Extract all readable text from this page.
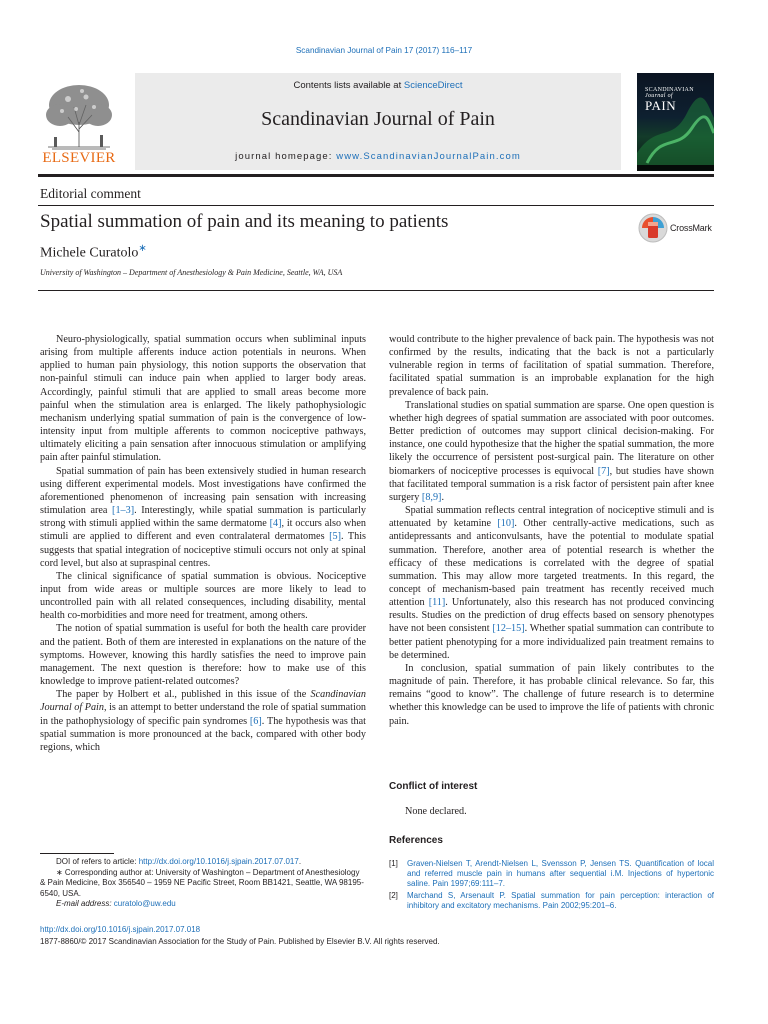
Scandinavian Journal of Pain 17 (2017) 116–117
ELSEVIER
Contents lists available at ScienceDirect
Scandinavian Journal of Pain
journal homepage: www.ScandinavianJournalPain.com
SCANDINAVIAN
Journal of
PAIN
Editorial comment
Spatial summation of pain and its meaning to patients
Michele Curatolo∗
University of Washington – Department of Anesthesiology & Pain Medicine, Seattle, WA, USA
CrossMark

Neuro-physiologically, spatial summation occurs when subliminal inputs arising from multiple afferents induce action potentials in neurons. When applied to human pain physiology, this notion supports the observation that non-painful stimuli can induce pain when applied to larger body areas. Accordingly, painful stimuli that are applied to small areas become more painful when the stimulation area is enlarged. The likely pathophysiologic mechanism underlying spatial summation of pain is the convergence of low-intensity input from multiple afferents to common nociceptive pathways, ultimately eliciting a pain sensation after innocuous stimulation or amplifying pain after painful stimulation.

Spatial summation of pain has been extensively studied in human research using different experimental models. Most investigations have confirmed the aforementioned phenomenon of increasing pain sensation with increasing stimulation area [1–3]. Interestingly, while spatial summation is particularly strong with stimuli applied within the same dermatome [4], it occurs also when stimuli are applied to different and even contralateral dermatomes [5]. This suggests that spatial integration of nociceptive stimuli occurs not only at spinal cord level, but also at supraspinal centres.

The clinical significance of spatial summation is obvious. Nociceptive input from wide areas or multiple sources are more likely to lead to uncontrolled pain with all related consequences, including disability, mental health co-morbidities and more need for treatment, among others.

The notion of spatial summation is useful for both the health care provider and the patient. Both of them are interested in explanations on the nature of the symptoms. However, knowing this hardly satisfies the need to improve pain management. The next question is therefore: how to make use of this knowledge to improve patient-related outcomes?

The paper by Holbert et al., published in this issue of the Scandinavian Journal of Pain, is an attempt to better understand the role of spatial summation in the pathophysiology of specific pain syndromes [6]. The hypothesis was that spatial summation is more pronounced at the back, compared with other body regions, which

would contribute to the higher prevalence of back pain. The hypothesis was not confirmed by the results, indicating that the back is not a particularly vulnerable region in terms of facilitation of spatial summation. Therefore, facilitated spatial summation is an improbable explanation for the high prevalence of back pain.

Translational studies on spatial summation are sparse. One open question is whether high degrees of spatial summation are associated with poor outcomes. Better prediction of outcomes may support clinical decision-making. For instance, one could hypothesize that the higher the spatial summation, the more likely the occurrence of persistent post-surgical pain. The literature on other biomarkers of nociceptive processes is equivocal [7], but studies have shown that facilitated temporal summation is a risk factor of persistent pain after knee surgery [8,9].

Spatial summation reflects central integration of nociceptive stimuli and is attenuated by ketamine [10]. Other centrally-active medications, such as antidepressants and anticonvulsants, have the potential to modulate spatial summation. Therefore, another area of potential research is whether the efficacy of these medications is correlated with the degree of spatial summation. This may allow more targeted treatments. In this regard, the concept of mechanism-based pain treatment has recently received much attention [11]. Unfortunately, also this research has not produced convincing results. Studies on the prediction of drug effects based on sensory phenotypes have not been consistent [12–15]. Whether spatial summation can contribute to better patient phenotyping for a more individualized pain treatment remains to be determined.

In conclusion, spatial summation of pain likely contributes to the magnitude of pain. Therefore, it has probable clinical relevance. So far, this remains “good to know”. The challenge of future research is to determine whether this knowledge can be used to improve the life of patients with chronic pain.

Conflict of interest
None declared.
References
[1]	Graven-Nielsen T, Arendt-Nielsen L, Svensson P, Jensen TS. Quantification of local and referred muscle pain in humans after sequential i.M. Injections of hypertonic saline. Pain 1997;69:111–7.
[2]	Marchand S, Arsenault P. Spatial summation for pain perception: interaction of inhibitory and excitatory mechanisms. Pain 2002;95:201–6.
DOI of refers to article: http://dx.doi.org/10.1016/j.sjpain.2017.07.017.
∗ Corresponding author at: University of Washington – Department of Anesthesiology & Pain Medicine, Box 356540 – 1959 NE Pacific Street, Room BB1421, Seattle, WA 98195-6540, USA.
E-mail address: curatolo@uw.edu
http://dx.doi.org/10.1016/j.sjpain.2017.07.018
1877-8860/© 2017 Scandinavian Association for the Study of Pain. Published by Elsevier B.V. All rights reserved.
